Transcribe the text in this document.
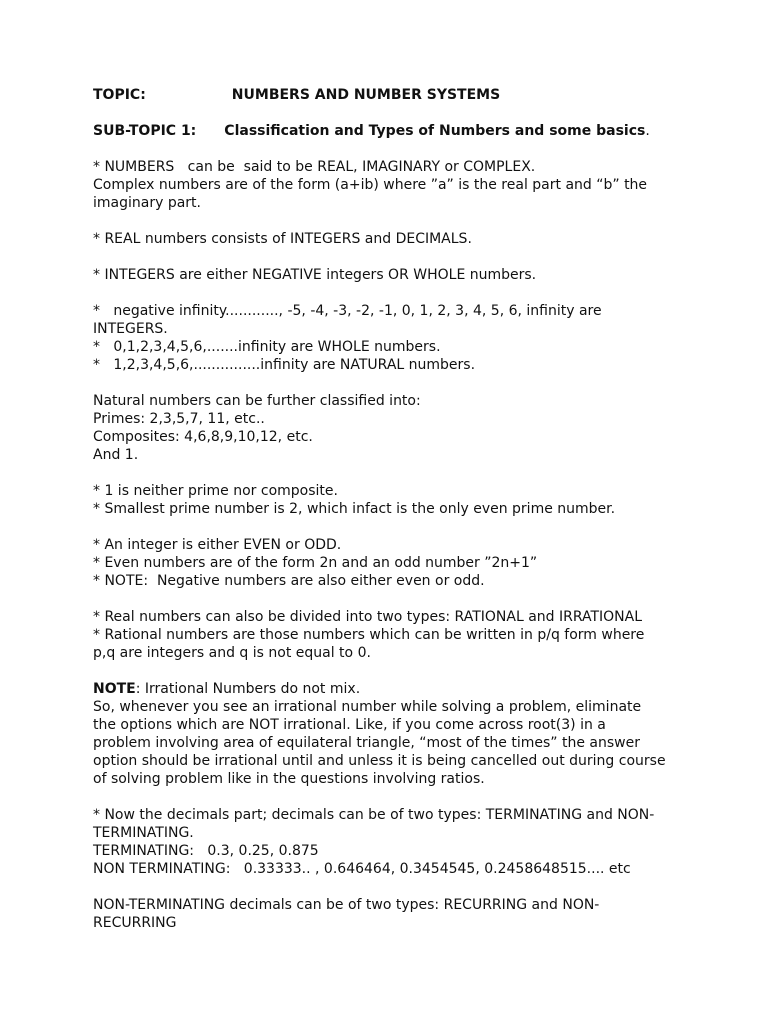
TOPIC:	NUMBERS AND NUMBER SYSTEMS

SUB-TOPIC 1: Classification and Types of Numbers and some basics.

* NUMBERS   can be  said to be REAL, IMAGINARY or COMPLEX.

Complex numbers are of the form (a+ib) where ”a” is the real part and “b” the

imaginary part.

* REAL numbers consists of INTEGERS and DECIMALS.

* INTEGERS are either NEGATIVE integers OR WHOLE numbers.

*   negative infinity............, -5, -4, -3, -2, -1, 0, 1, 2, 3, 4, 5, 6, infinity are

INTEGERS.

*   0,1,2,3,4,5,6,.......infinity are WHOLE numbers.

*   1,2,3,4,5,6,...............infinity are NATURAL numbers.

Natural numbers can be further classified into:

Primes: 2,3,5,7, 11, etc..

Composites: 4,6,8,9,10,12, etc.

And 1.

* 1 is neither prime nor composite.

* Smallest prime number is 2, which infact is the only even prime number.

* An integer is either EVEN or ODD.

* Even numbers are of the form 2n and an odd number ”2n+1”

* NOTE:  Negative numbers are also either even or odd.

* Real numbers can also be divided into two types: RATIONAL and IRRATIONAL

* Rational numbers are those numbers which can be written in p/q form where

p,q are integers and q is not equal to 0.

NOTE: Irrational Numbers do not mix.

So, whenever you see an irrational number while solving a problem, eliminate

the options which are NOT irrational. Like, if you come across root(3) in a

problem involving area of equilateral triangle, “most of the times” the answer

option should be irrational until and unless it is being cancelled out during course

of solving problem like in the questions involving ratios.

* Now the decimals part; decimals can be of two types: TERMINATING and NON-

TERMINATING.

TERMINATING:   0.3, 0.25, 0.875

NON TERMINATING:   0.33333.. , 0.646464, 0.3454545, 0.2458648515.... etc

NON-TERMINATING decimals can be of two types: RECURRING and NON-

RECURRING
